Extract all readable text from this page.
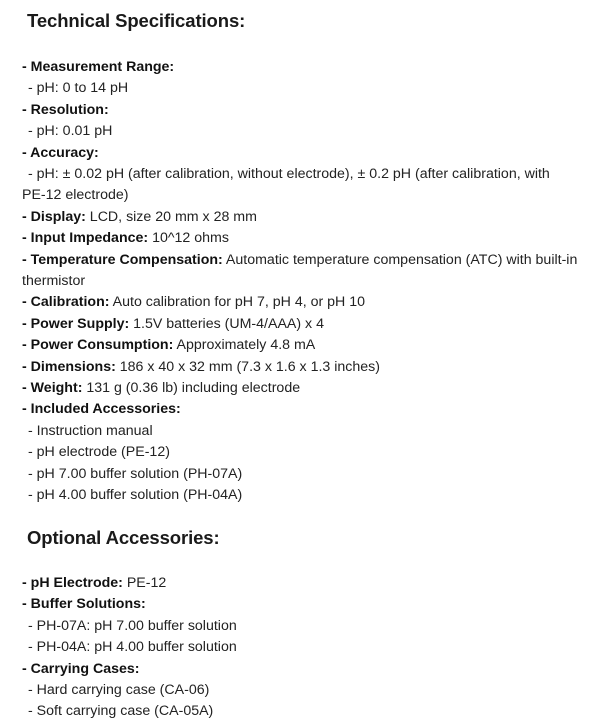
Technical Specifications:
- Measurement Range:
- pH: 0 to 14 pH
- Resolution:
- pH: 0.01 pH
- Accuracy:
- pH: ± 0.02 pH (after calibration, without electrode), ± 0.2 pH (after calibration, with
PE-12 electrode)
- Display: LCD, size 20 mm x 28 mm
- Input Impedance: 10^12 ohms
- Temperature Compensation: Automatic temperature compensation (ATC) with built-in
thermistor
- Calibration: Auto calibration for pH 7, pH 4, or pH 10
- Power Supply: 1.5V batteries (UM-4/AAA) x 4
- Power Consumption: Approximately 4.8 mA
- Dimensions: 186 x 40 x 32 mm (7.3 x 1.6 x 1.3 inches)
- Weight: 131 g (0.36 lb) including electrode
- Included Accessories:
- Instruction manual
- pH electrode (PE-12)
- pH 7.00 buffer solution (PH-07A)
- pH 4.00 buffer solution (PH-04A)
Optional Accessories:
- pH Electrode: PE-12
- Buffer Solutions:
- PH-07A: pH 7.00 buffer solution
- PH-04A: pH 4.00 buffer solution
- Carrying Cases:
- Hard carrying case (CA-06)
- Soft carrying case (CA-05A)
